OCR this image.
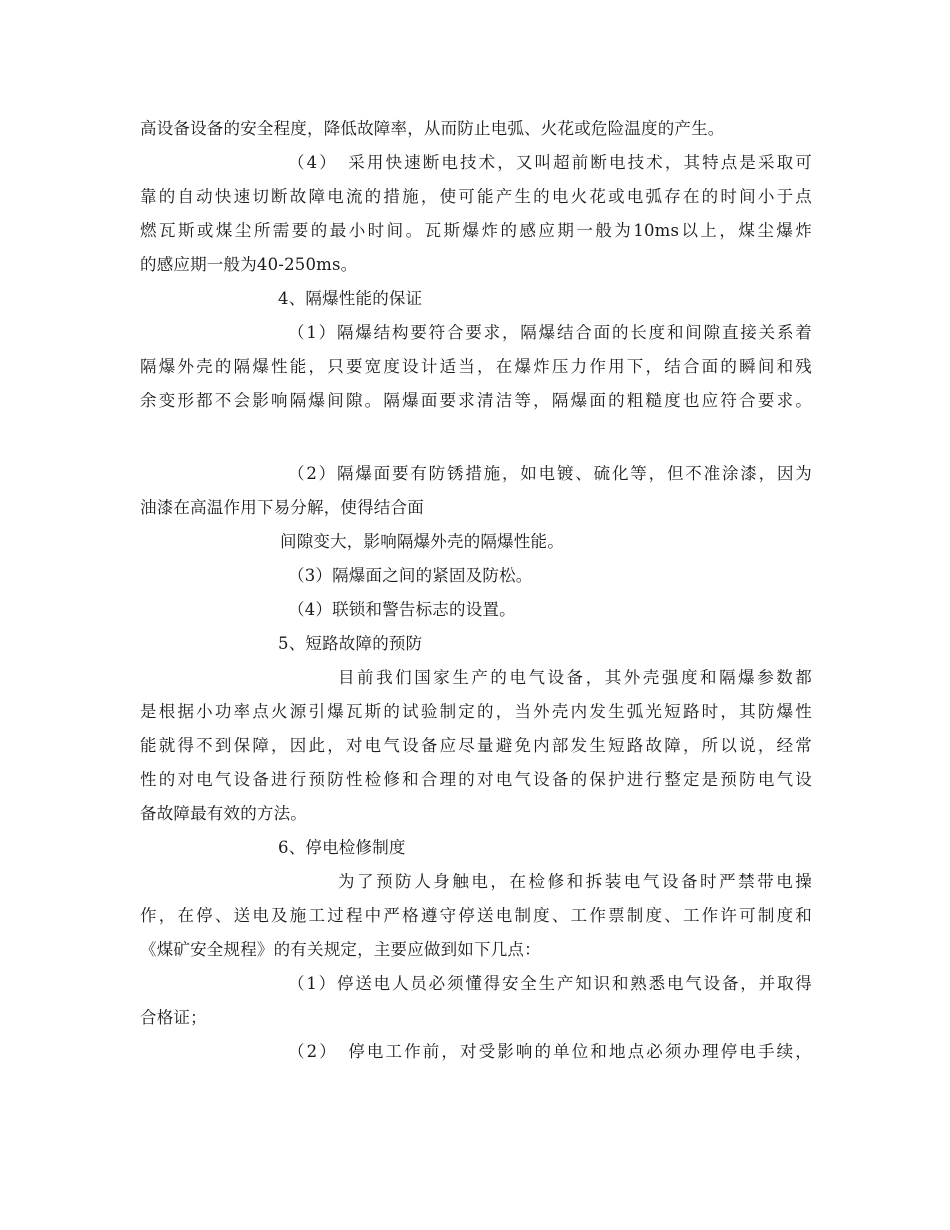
高设备设备的安全程度，降低故障率，从而防止电弧、火花或危险温度的产生。
（4）　采用快速断电技术，又叫超前断电技术，其特点是采取可
靠的自动快速切断故障电流的措施，使可能产生的电火花或电弧存在的时间小于点
燃瓦斯或煤尘所需要的最小时间。瓦斯爆炸的感应期一般为10ms以上，煤尘爆炸
的感应期一般为40-250ms。
4、隔爆性能的保证
（1）隔爆结构要符合要求，隔爆结合面的长度和间隙直接关系着
隔爆外壳的隔爆性能，只要宽度设计适当，在爆炸压力作用下，结合面的瞬间和残
余变形都不会影响隔爆间隙。隔爆面要求清洁等，隔爆面的粗糙度也应符合要求。
（2）隔爆面要有防锈措施，如电镀、硫化等，但不准涂漆，因为
油漆在高温作用下易分解，使得结合面
间隙变大，影响隔爆外壳的隔爆性能。
（3）隔爆面之间的紧固及防松。
（4）联锁和警告标志的设置。
5、短路故障的预防
目前我们国家生产的电气设备，其外壳强度和隔爆参数都
是根据小功率点火源引爆瓦斯的试验制定的，当外壳内发生弧光短路时，其防爆性
能就得不到保障，因此，对电气设备应尽量避免内部发生短路故障，所以说，经常
性的对电气设备进行预防性检修和合理的对电气设备的保护进行整定是预防电气设
备故障最有效的方法。
6、停电检修制度
为了预防人身触电，在检修和拆装电气设备时严禁带电操
作，在停、送电及施工过程中严格遵守停送电制度、工作票制度、工作许可制度和
《煤矿安全规程》的有关规定，主要应做到如下几点：
（1）停送电人员必须懂得安全生产知识和熟悉电气设备，并取得
合格证；
（2）　停电工作前，对受影响的单位和地点必须办理停电手续，
